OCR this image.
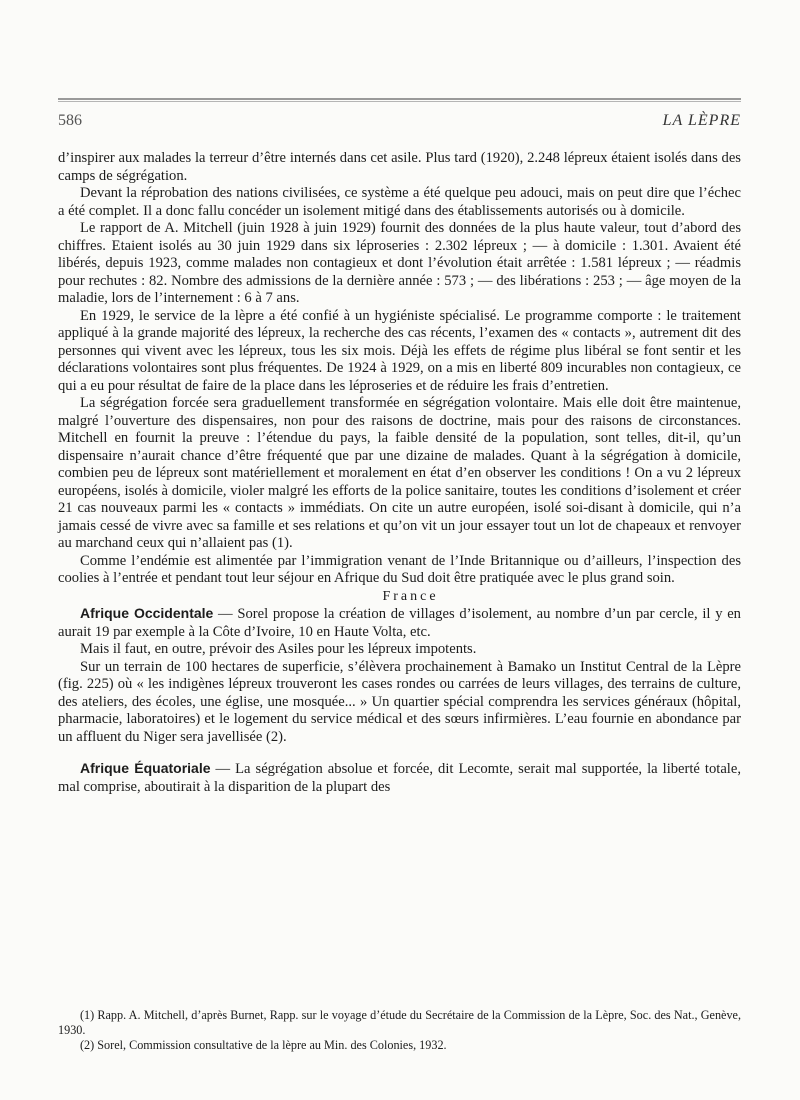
586	LA LÈPRE

d’inspirer aux malades la terreur d’être internés dans cet asile. Plus tard (1920), 2.248 lépreux étaient isolés dans des camps de ségrégation.

Devant la réprobation des nations civilisées, ce système a été quelque peu adouci, mais on peut dire que l’échec a été complet. Il a donc fallu concéder un isolement mitigé dans des établissements autorisés ou à domicile.

Le rapport de A. Mitchell (juin 1928 à juin 1929) fournit des données de la plus haute valeur, tout d’abord des chiffres. Etaient isolés au 30 juin 1929 dans six léproseries : 2.302 lépreux ; — à domicile : 1.301. Avaient été libérés, depuis 1923, comme malades non contagieux et dont l’évolution était arrêtée : 1.581 lépreux ; — réadmis pour rechutes : 82. Nombre des admissions de la dernière année : 573 ; — des libérations : 253 ; — âge moyen de la maladie, lors de l’internement : 6 à 7 ans.

En 1929, le service de la lèpre a été confié à un hygiéniste spécialisé. Le programme comporte : le traitement appliqué à la grande majorité des lépreux, la recherche des cas récents, l’examen des « contacts », autrement dit des personnes qui vivent avec les lépreux, tous les six mois. Déjà les effets de régime plus libéral se font sentir et les déclarations volontaires sont plus fréquentes. De 1924 à 1929, on a mis en liberté 809 incurables non contagieux, ce qui a eu pour résultat de faire de la place dans les léproseries et de réduire les frais d’entretien.

La ségrégation forcée sera graduellement transformée en ségrégation volontaire. Mais elle doit être maintenue, malgré l’ouverture des dispensaires, non pour des raisons de doctrine, mais pour des raisons de circonstances. Mitchell en fournit la preuve : l’étendue du pays, la faible densité de la population, sont telles, dit-il, qu’un dispensaire n’aurait chance d’être fréquenté que par une dizaine de malades. Quant à la ségrégation à domicile, combien peu de lépreux sont matériellement et moralement en état d’en observer les conditions ! On a vu 2 lépreux européens, isolés à domicile, violer malgré les efforts de la police sanitaire, toutes les conditions d’isolement et créer 21 cas nouveaux parmi les « contacts » immédiats. On cite un autre européen, isolé soi-disant à domicile, qui n’a jamais cessé de vivre avec sa famille et ses relations et qu’on vit un jour essayer tout un lot de chapeaux et renvoyer au marchand ceux qui n’allaient pas (1).

Comme l’endémie est alimentée par l’immigration venant de l’Inde Britannique ou d’ailleurs, l’inspection des coolies à l’entrée et pendant tout leur séjour en Afrique du Sud doit être pratiquée avec le plus grand soin.

France

Afrique Occidentale — Sorel propose la création de villages d’isolement, au nombre d’un par cercle, il y en aurait 19 par exemple à la Côte d’Ivoire, 10 en Haute Volta, etc.

Mais il faut, en outre, prévoir des Asiles pour les lépreux impotents.

Sur un terrain de 100 hectares de superficie, s’élèvera prochainement à Bamako un Institut Central de la Lèpre (fig. 225) où « les indigènes lépreux trouveront les cases rondes ou carrées de leurs villages, des terrains de culture, des ateliers, des écoles, une église, une mosquée... » Un quartier spécial comprendra les services généraux (hôpital, pharmacie, laboratoires) et le logement du service médical et des sœurs infirmières. L’eau fournie en abondance par un affluent du Niger sera javellisée (2).

Afrique Équatoriale — La ségrégation absolue et forcée, dit Lecomte, serait mal supportée, la liberté totale, mal comprise, aboutirait à la disparition de la plupart des

(1) Rapp. A. Mitchell, d’après Burnet, Rapp. sur le voyage d’étude du Secrétaire de la Commission de la Lèpre, Soc. des Nat., Genève, 1930.

(2) Sorel, Commission consultative de la lèpre au Min. des Colonies, 1932.
